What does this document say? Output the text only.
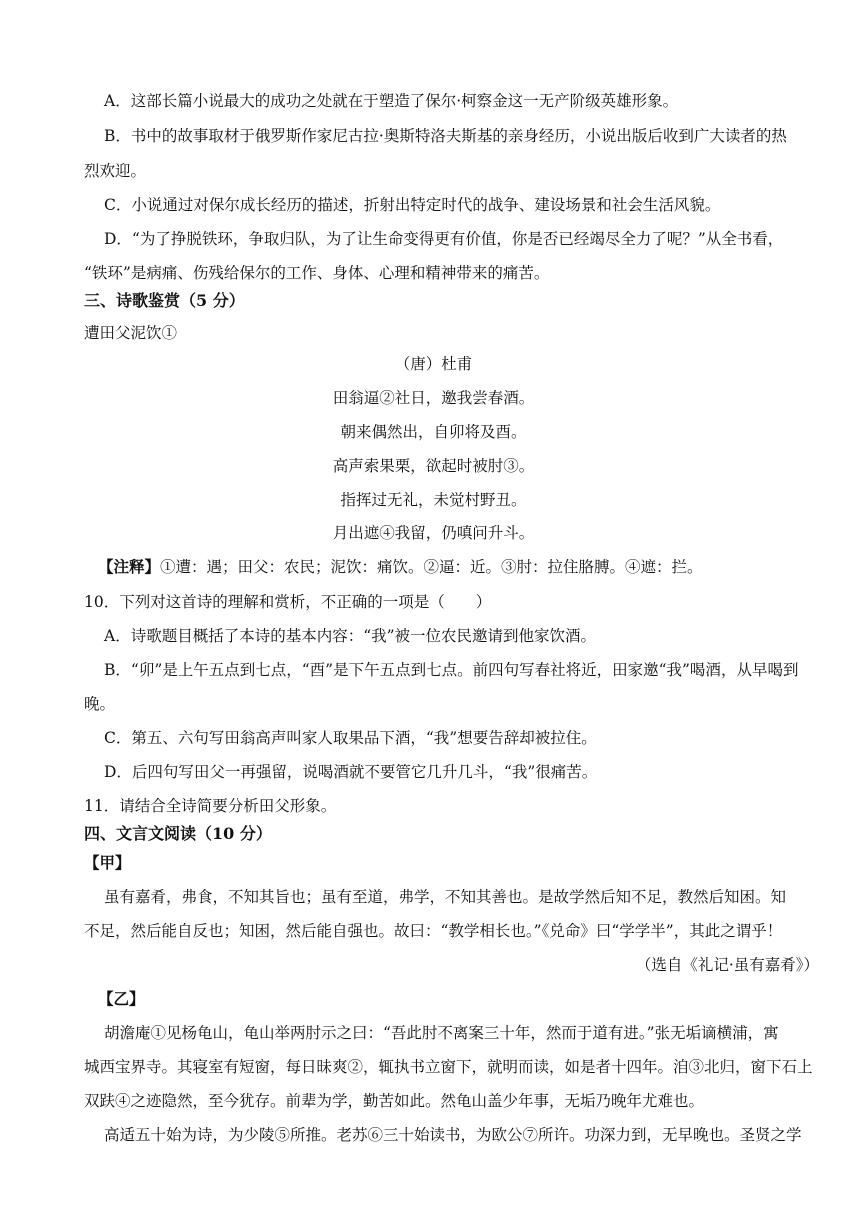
A．这部长篇小说最大的成功之处就在于塑造了保尔·柯察金这一无产阶级英雄形象。
B．书中的故事取材于俄罗斯作家尼古拉·奥斯特洛夫斯基的亲身经历，小说出版后收到广大读者的热
烈欢迎。
C．小说通过对保尔成长经历的描述，折射出特定时代的战争、建设场景和社会生活风貌。
D．“为了挣脱铁环，争取归队，为了让生命变得更有价值，你是否已经竭尽全力了呢？”从全书看，
“铁环”是病痛、伤残给保尔的工作、身体、心理和精神带来的痛苦。
三、诗歌鉴赏（5 分）
遭田父泥饮①
（唐）杜甫
田翁逼②社日，邀我尝春酒。
朝来偶然出，自卯将及酉。
高声索果栗，欲起时被肘③。
指挥过无礼，未觉村野丑。
月出遮④我留，仍嗔问升斗。
【注释】①遭：遇；田父：农民；泥饮：痛饮。②逼：近。③肘：拉住胳膊。④遮：拦。
10．下列对这首诗的理解和赏析，不正确的一项是（　　）
A．诗歌题目概括了本诗的基本内容：“我”被一位农民邀请到他家饮酒。
B．“卯”是上午五点到七点，“酉”是下午五点到七点。前四句写春社将近，田家邀“我”喝酒，从早喝到
晚。
C．第五、六句写田翁高声叫家人取果品下酒，“我”想要告辞却被拉住。
D．后四句写田父一再强留，说喝酒就不要管它几升几斗，“我”很痛苦。
11．请结合全诗简要分析田父形象。
四、文言文阅读（10 分）
【甲】
虽有嘉肴，弗食，不知其旨也；虽有至道，弗学，不知其善也。是故学然后知不足，教然后知困。知
不足，然后能自反也；知困，然后能自强也。故曰：“教学相长也。”《兑命》曰“学学半”，其此之谓乎！
（选自《礼记·虽有嘉肴》）
【乙】
胡澹庵①见杨龟山，龟山举两肘示之曰：“吾此肘不离案三十年，然而于道有进。”张无垢谪横浦，寓
城西宝界寺。其寝室有短窗，每日昧爽②，辄执书立窗下，就明而读，如是者十四年。洎③北归，窗下石上
双趺④之迹隐然，至今犹存。前辈为学，勤苦如此。然龟山盖少年事，无垢乃晚年尤难也。
高适五十始为诗，为少陵⑤所推。老苏⑥三十始读书，为欧公⑦所许。功深力到，无早晚也。圣贤之学
